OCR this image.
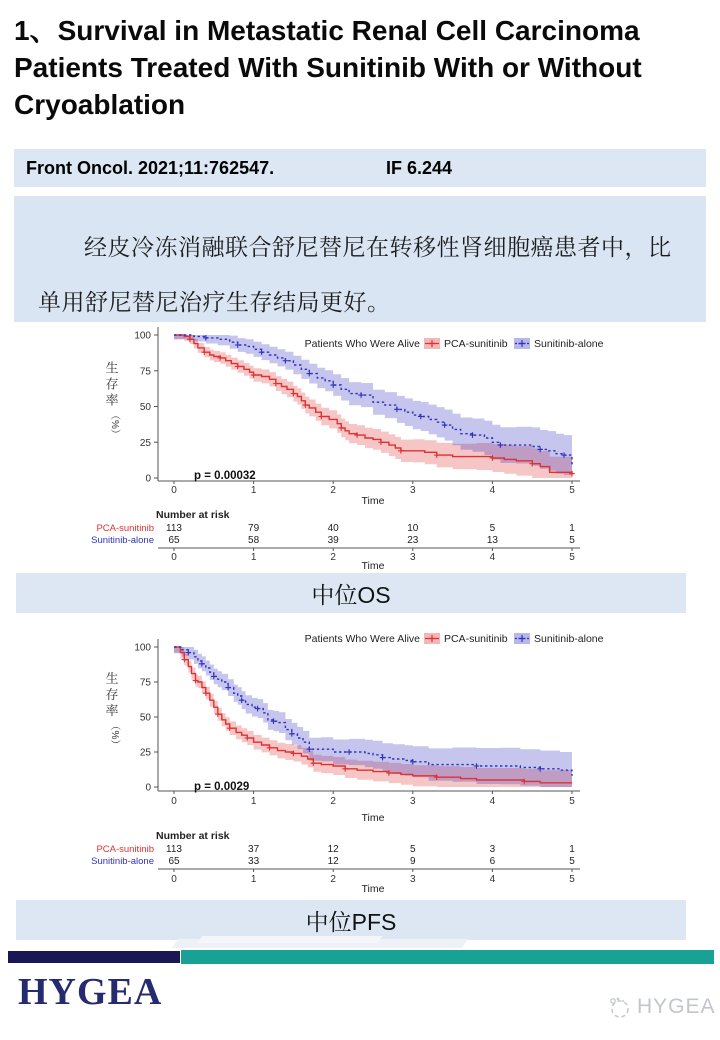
1、Survival in Metastatic Renal Cell Carcinoma Patients Treated With Sunitinib With or Without Cryoablation
Front Oncol. 2021;11:762547.	IF 6.244

经皮冷冻消融联合舒尼替尼在转移性肾细胞癌患者中，比单用舒尼替尼治疗生存结局更好。

0
25
50
75
100
0	1	2	3	4	5
Time
生
存
率
（%）
p = 0.00032
Patients Who Were Alive PCA-sunitinib	Sunitinib-alone
Number at risk
PCA-sunitinib 113	79	40	10	5	1
Sunitinib-alone 65	58	39	23	13	5
0	1	2	3	4	5
Time
中位OS
0
25
50
75
100
0	1	2	3	4	5
Time
生
存
率
（%）
p = 0.0029
Patients Who Were Alive PCA-sunitinib	Sunitinib-alone
Number at risk
PCA-sunitinib 113	37	12	5	3	1
Sunitinib-alone 65	33	12	9	6	5
0	1	2	3	4	5
Time
中位PFS
HYGEA	HYGEA
